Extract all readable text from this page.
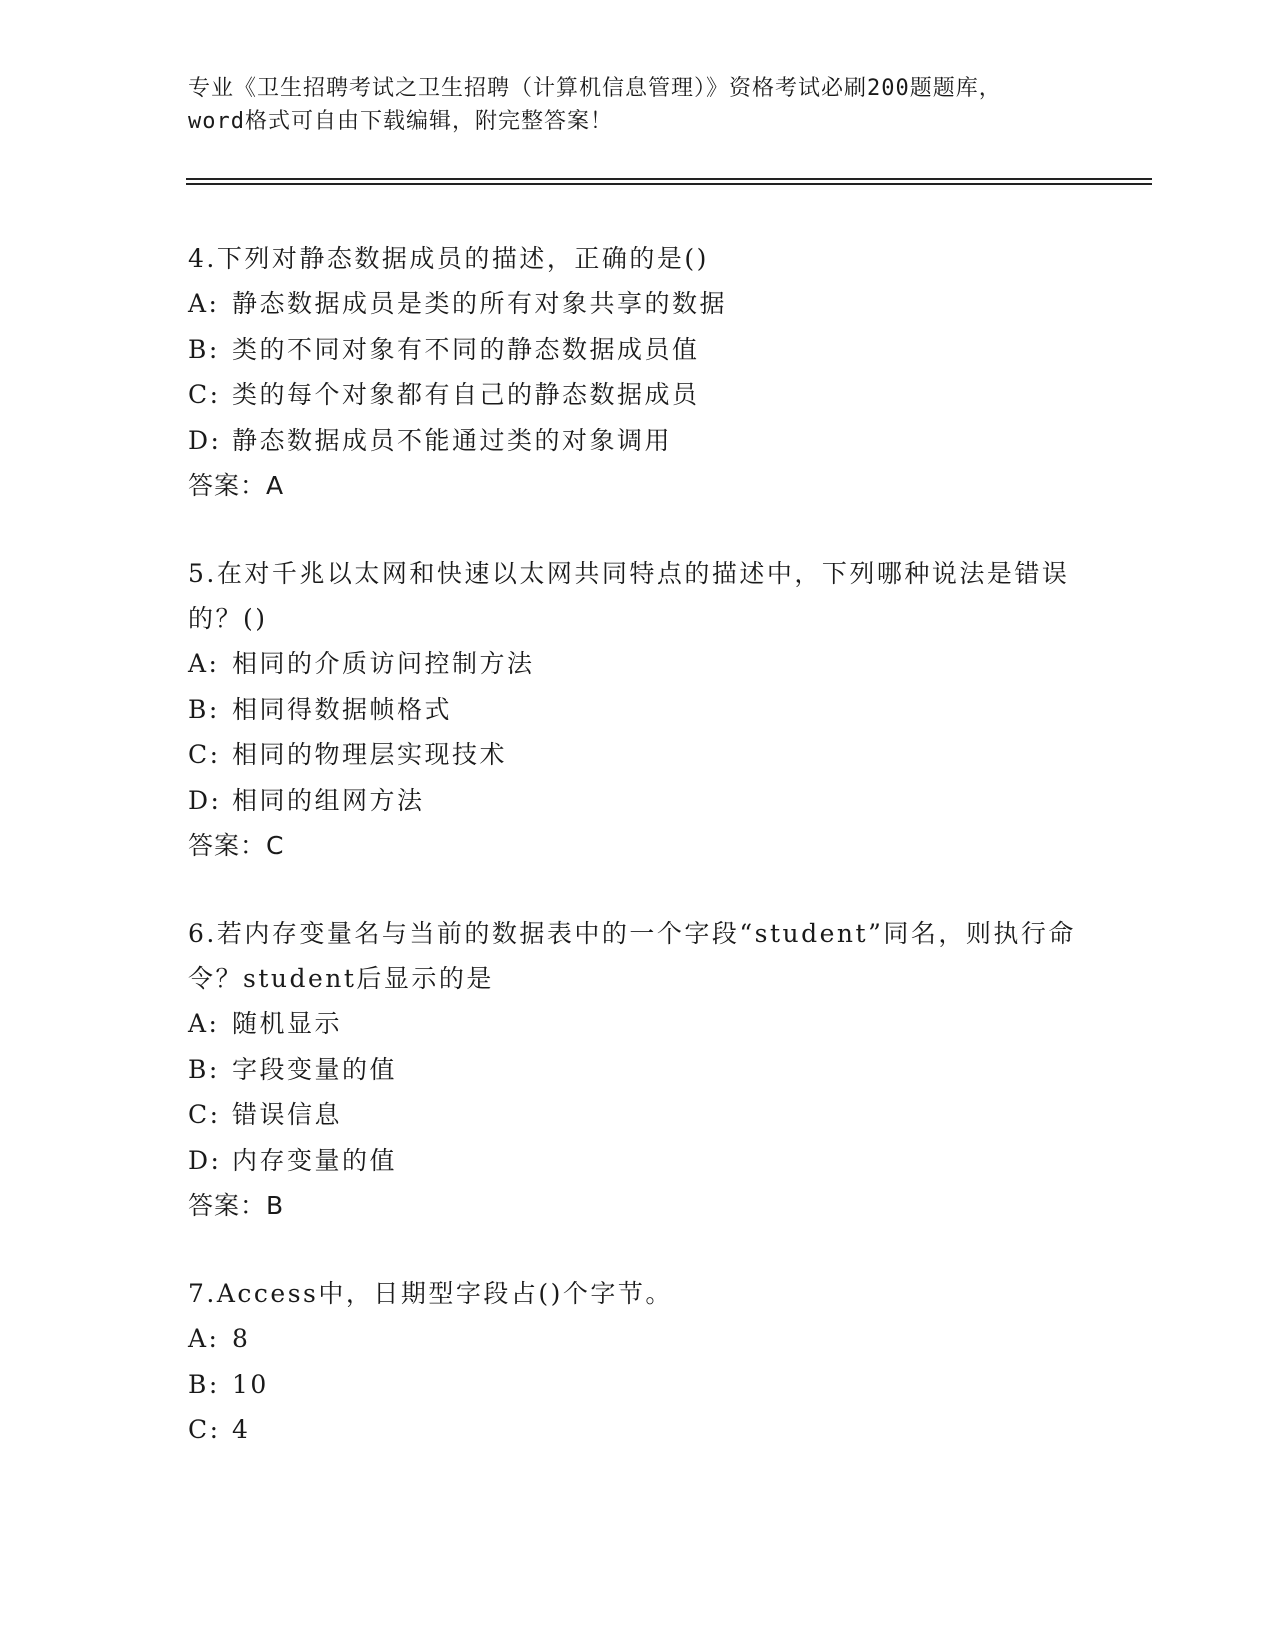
专业《卫生招聘考试之卫生招聘（计算机信息管理）》资格考试必刷200题题库，
word格式可自由下载编辑，附完整答案！

4.下列对静态数据成员的描述，正确的是()

A: 静态数据成员是类的所有对象共享的数据

B: 类的不同对象有不同的静态数据成员值

C: 类的每个对象都有自己的静态数据成员

D: 静态数据成员不能通过类的对象调用

答案：A

5.在对千兆以太网和快速以太网共同特点的描述中，下列哪种说法是错误的？()

A: 相同的介质访问控制方法

B: 相同得数据帧格式

C: 相同的物理层实现技术

D: 相同的组网方法

答案：C

6.若内存变量名与当前的数据表中的一个字段“student”同名，则执行命令？student后显示的是

A: 随机显示

B: 字段变量的值

C: 错误信息

D: 内存变量的值

答案：B

7.Access中，日期型字段占()个字节。

A: 8

B: 10

C: 4
